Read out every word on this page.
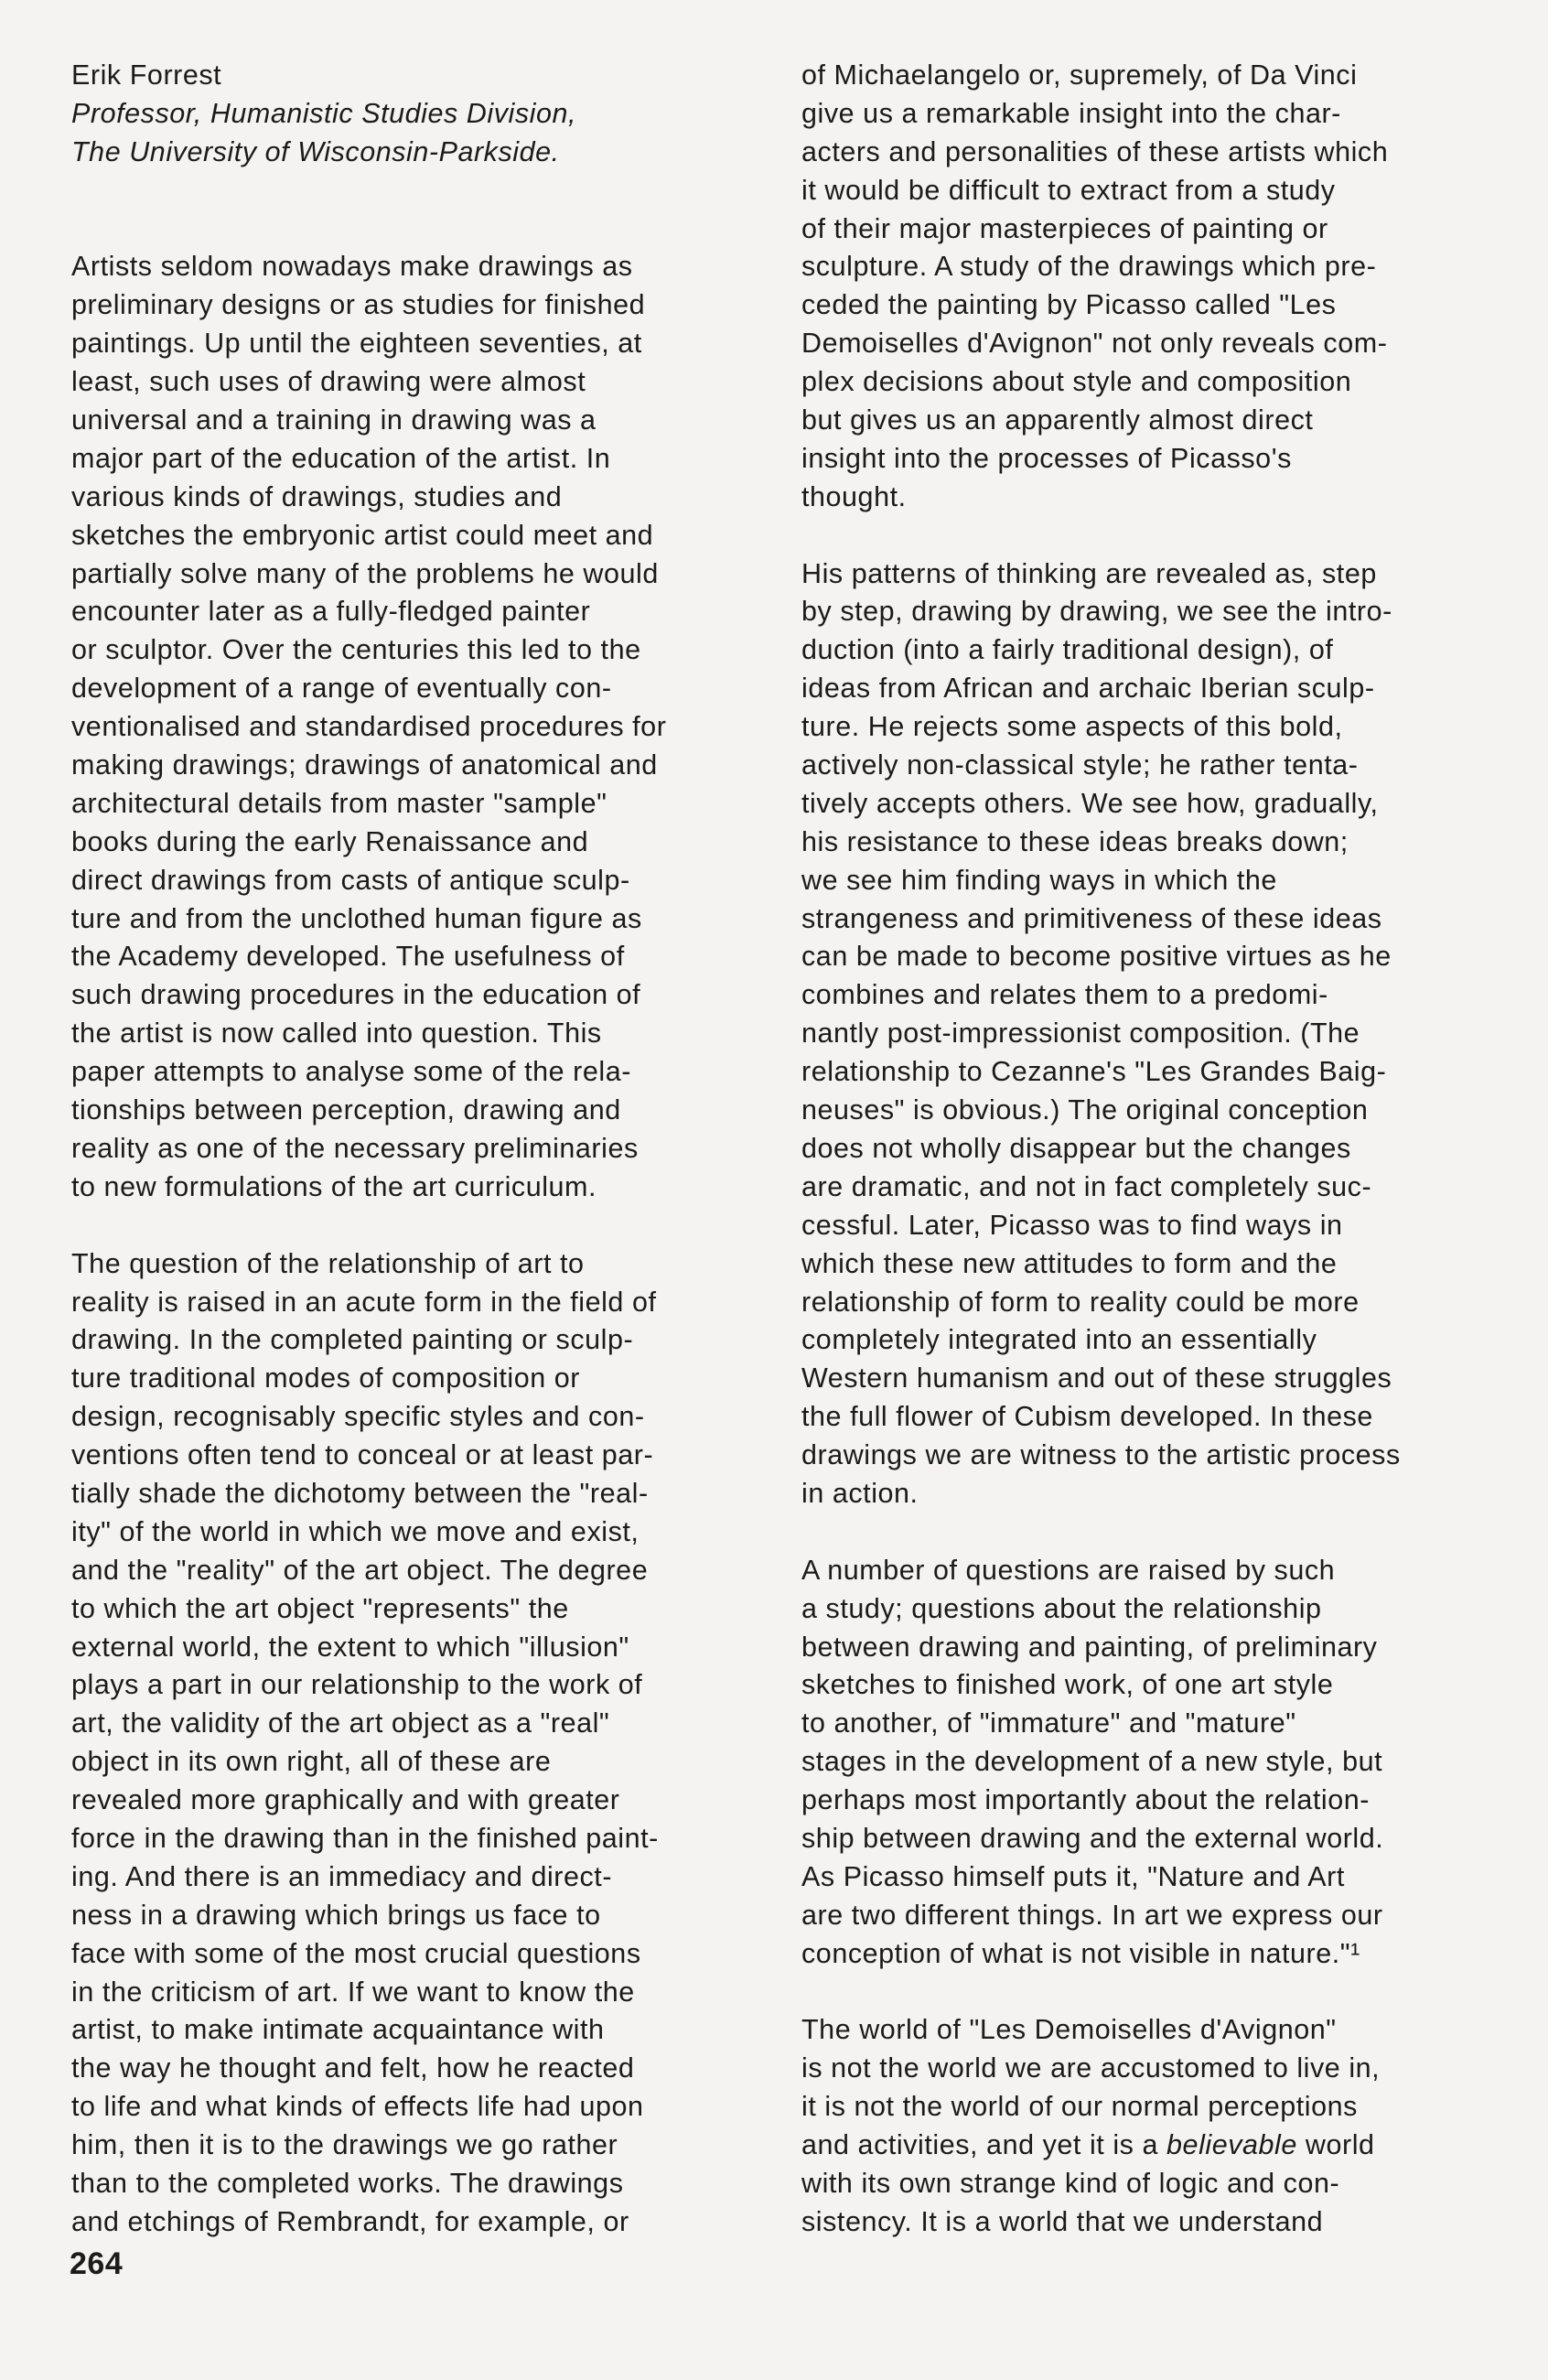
Erik Forrest
Professor, Humanistic Studies Division,
The University of Wisconsin-Parkside.
Artists seldom nowadays make drawings as
preliminary designs or as studies for finished
paintings. Up until the eighteen seventies, at
least, such uses of drawing were almost
universal and a training in drawing was a
major part of the education of the artist. In
various kinds of drawings, studies and
sketches the embryonic artist could meet and
partially solve many of the problems he would
encounter later as a fully-fledged painter
or sculptor. Over the centuries this led to the
development of a range of eventually con-
ventionalised and standardised procedures for
making drawings; drawings of anatomical and
architectural details from master "sample"
books during the early Renaissance and
direct drawings from casts of antique sculp-
ture and from the unclothed human figure as
the Academy developed. The usefulness of
such drawing procedures in the education of
the artist is now called into question. This
paper attempts to analyse some of the rela-
tionships between perception, drawing and
reality as one of the necessary preliminaries
to new formulations of the art curriculum.
The question of the relationship of art to
reality is raised in an acute form in the field of
drawing. In the completed painting or sculp-
ture traditional modes of composition or
design, recognisably specific styles and con-
ventions often tend to conceal or at least par-
tially shade the dichotomy between the "real-
ity" of the world in which we move and exist,
and the "reality" of the art object. The degree
to which the art object "represents" the
external world, the extent to which "illusion"
plays a part in our relationship to the work of
art, the validity of the art object as a "real"
object in its own right, all of these are
revealed more graphically and with greater
force in the drawing than in the finished paint-
ing. And there is an immediacy and direct-
ness in a drawing which brings us face to
face with some of the most crucial questions
in the criticism of art. If we want to know the
artist, to make intimate acquaintance with
the way he thought and felt, how he reacted
to life and what kinds of effects life had upon
him, then it is to the drawings we go rather
than to the completed works. The drawings
and etchings of Rembrandt, for example, or
of Michaelangelo or, supremely, of Da Vinci
give us a remarkable insight into the char-
acters and personalities of these artists which
it would be difficult to extract from a study
of their major masterpieces of painting or
sculpture. A study of the drawings which pre-
ceded the painting by Picasso called "Les
Demoiselles d'Avignon" not only reveals com-
plex decisions about style and composition
but gives us an apparently almost direct
insight into the processes of Picasso's
thought.
His patterns of thinking are revealed as, step
by step, drawing by drawing, we see the intro-
duction (into a fairly traditional design), of
ideas from African and archaic Iberian sculp-
ture. He rejects some aspects of this bold,
actively non-classical style; he rather tenta-
tively accepts others. We see how, gradually,
his resistance to these ideas breaks down;
we see him finding ways in which the
strangeness and primitiveness of these ideas
can be made to become positive virtues as he
combines and relates them to a predomi-
nantly post-impressionist composition. (The
relationship to Cezanne's "Les Grandes Baig-
neuses" is obvious.) The original conception
does not wholly disappear but the changes
are dramatic, and not in fact completely suc-
cessful. Later, Picasso was to find ways in
which these new attitudes to form and the
relationship of form to reality could be more
completely integrated into an essentially
Western humanism and out of these struggles
the full flower of Cubism developed. In these
drawings we are witness to the artistic process
in action.
A number of questions are raised by such
a study; questions about the relationship
between drawing and painting, of preliminary
sketches to finished work, of one art style
to another, of "immature" and "mature"
stages in the development of a new style, but
perhaps most importantly about the relation-
ship between drawing and the external world.
As Picasso himself puts it, "Nature and Art
are two different things. In art we express our
conception of what is not visible in nature."¹
The world of "Les Demoiselles d'Avignon"
is not the world we are accustomed to live in,
it is not the world of our normal perceptions
and activities, and yet it is a believable world
with its own strange kind of logic and con-
sistency. It is a world that we understand
264
